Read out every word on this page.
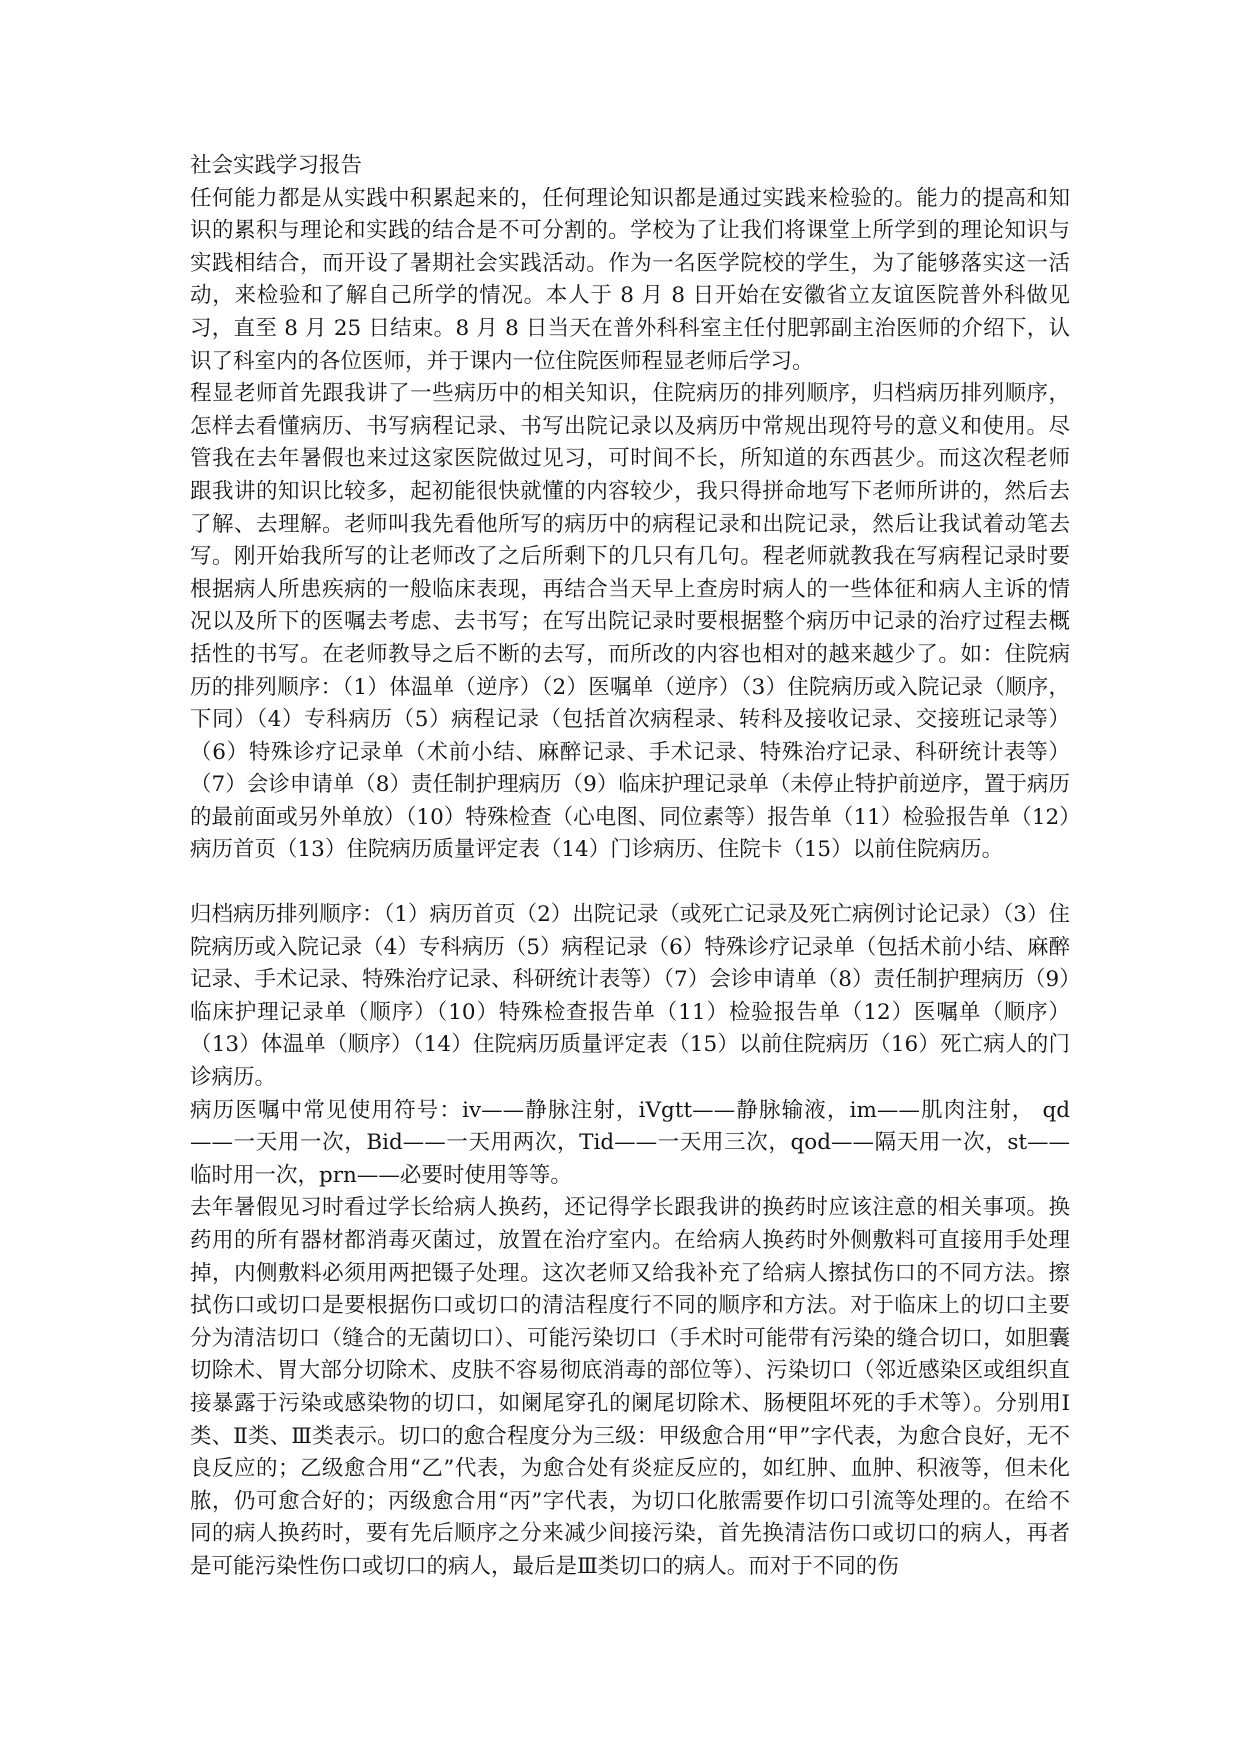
社会实践学习报告

任何能力都是从实践中积累起来的，任何理论知识都是通过实践来检验的。能力的提高和知识的累积与理论和实践的结合是不可分割的。学校为了让我们将课堂上所学到的理论知识与实践相结合，而开设了暑期社会实践活动。作为一名医学院校的学生，为了能够落实这一活动，来检验和了解自己所学的情况。本人于 8 月 8 日开始在安徽省立友谊医院普外科做见习，直至 8 月 25 日结束。8 月 8 日当天在普外科科室主任付肥郭副主治医师的介绍下，认识了科室内的各位医师，并于课内一位住院医师程显老师后学习。

程显老师首先跟我讲了一些病历中的相关知识，住院病历的排列顺序，归档病历排列顺序，怎样去看懂病历、书写病程记录、书写出院记录以及病历中常规出现符号的意义和使用。尽管我在去年暑假也来过这家医院做过见习，可时间不长，所知道的东西甚少。而这次程老师跟我讲的知识比较多，起初能很快就懂的内容较少，我只得拼命地写下老师所讲的，然后去了解、去理解。老师叫我先看他所写的病历中的病程记录和出院记录，然后让我试着动笔去写。刚开始我所写的让老师改了之后所剩下的几只有几句。程老师就教我在写病程记录时要根据病人所患疾病的一般临床表现，再结合当天早上查房时病人的一些体征和病人主诉的情况以及所下的医嘱去考虑、去书写；在写出院记录时要根据整个病历中记录的治疗过程去概括性的书写。在老师教导之后不断的去写，而所改的内容也相对的越来越少了。如：住院病历的排列顺序：（1）体温单（逆序）（2）医嘱单（逆序）（3）住院病历或入院记录（顺序，下同）（4）专科病历（5）病程记录（包括首次病程录、转科及接收记录、交接班记录等）（6）特殊诊疗记录单（术前小结、麻醉记录、手术记录、特殊治疗记录、科研统计表等）（7）会诊申请单（8）责任制护理病历（9）临床护理记录单（未停止特护前逆序，置于病历的最前面或另外单放）（10）特殊检查（心电图、同位素等）报告单（11）检验报告单（12）病历首页（13）住院病历质量评定表（14）门诊病历、住院卡（15）以前住院病历。

归档病历排列顺序：（1）病历首页（2）出院记录（或死亡记录及死亡病例讨论记录）（3）住院病历或入院记录（4）专科病历（5）病程记录（6）特殊诊疗记录单（包括术前小结、麻醉记录、手术记录、特殊治疗记录、科研统计表等）（7）会诊申请单（8）责任制护理病历（9）临床护理记录单（顺序）（10）特殊检查报告单（11）检验报告单（12）医嘱单（顺序）（13）体温单（顺序）（14）住院病历质量评定表（15）以前住院病历（16）死亡病人的门诊病历。

病历医嘱中常见使用符号：iv——静脉注射，iVgtt——静脉输液，im——肌肉注射， qd——一天用一次，Bid——一天用两次，Tid——一天用三次，qod——隔天用一次，st——临时用一次，prn——必要时使用等等。

去年暑假见习时看过学长给病人换药，还记得学长跟我讲的换药时应该注意的相关事项。换药用的所有器材都消毒灭菌过，放置在治疗室内。在给病人换药时外侧敷料可直接用手处理掉，内侧敷料必须用两把镊子处理。这次老师又给我补充了给病人擦拭伤口的不同方法。擦拭伤口或切口是要根据伤口或切口的清洁程度行不同的顺序和方法。对于临床上的切口主要分为清洁切口（缝合的无菌切口）、可能污染切口（手术时可能带有污染的缝合切口，如胆囊切除术、胃大部分切除术、皮肤不容易彻底消毒的部位等）、污染切口（邻近感染区或组织直接暴露于污染或感染物的切口，如阑尾穿孔的阑尾切除术、肠梗阻坏死的手术等）。分别用Ⅰ类、Ⅱ类、Ⅲ类表示。切口的愈合程度分为三级：甲级愈合用“甲”字代表，为愈合良好，无不良反应的；乙级愈合用“乙”代表，为愈合处有炎症反应的，如红肿、血肿、积液等，但未化脓，仍可愈合好的；丙级愈合用“丙”字代表，为切口化脓需要作切口引流等处理的。在给不同的病人换药时，要有先后顺序之分来减少间接污染，首先换清洁伤口或切口的病人，再者是可能污染性伤口或切口的病人，最后是Ⅲ类切口的病人。而对于不同的伤
